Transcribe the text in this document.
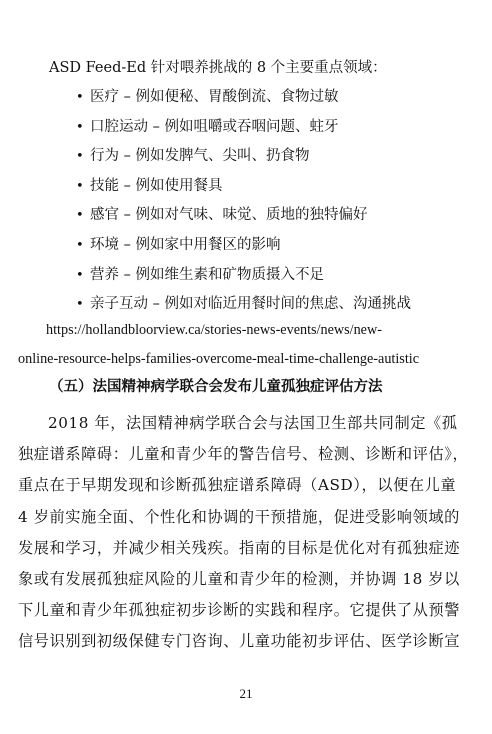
ASD Feed-Ed 针对喂养挑战的 8 个主要重点领域：
• 医疗 – 例如便秘、胃酸倒流、食物过敏
• 口腔运动 – 例如咀嚼或吞咽问题、蛀牙
• 行为 – 例如发脾气、尖叫、扔食物
• 技能 – 例如使用餐具
• 感官 – 例如对气味、味觉、质地的独特偏好
• 环境 – 例如家中用餐区的影响
• 营养 – 例如维生素和矿物质摄入不足
• 亲子互动 – 例如对临近用餐时间的焦虑、沟通挑战
https://hollandbloorview.ca/stories-news-events/news/new-
online-resource-helps-families-overcome-meal-time-challenge-autistic
（五）法国精神病学联合会发布儿童孤独症评估方法
2018 年，法国精神病学联合会与法国卫生部共同制定《孤
独症谱系障碍：儿童和青少年的警告信号、检测、诊断和评估》，
重点在于早期发现和诊断孤独症谱系障碍（ASD），以便在儿童
4 岁前实施全面、个性化和协调的干预措施，促进受影响领域的
发展和学习，并减少相关残疾。指南的目标是优化对有孤独症迹
象或有发展孤独症风险的儿童和青少年的检测，并协调 18 岁以
下儿童和青少年孤独症初步诊断的实践和程序。它提供了从预警
信号识别到初级保健专门咨询、儿童功能初步评估、医学诊断宣
21
